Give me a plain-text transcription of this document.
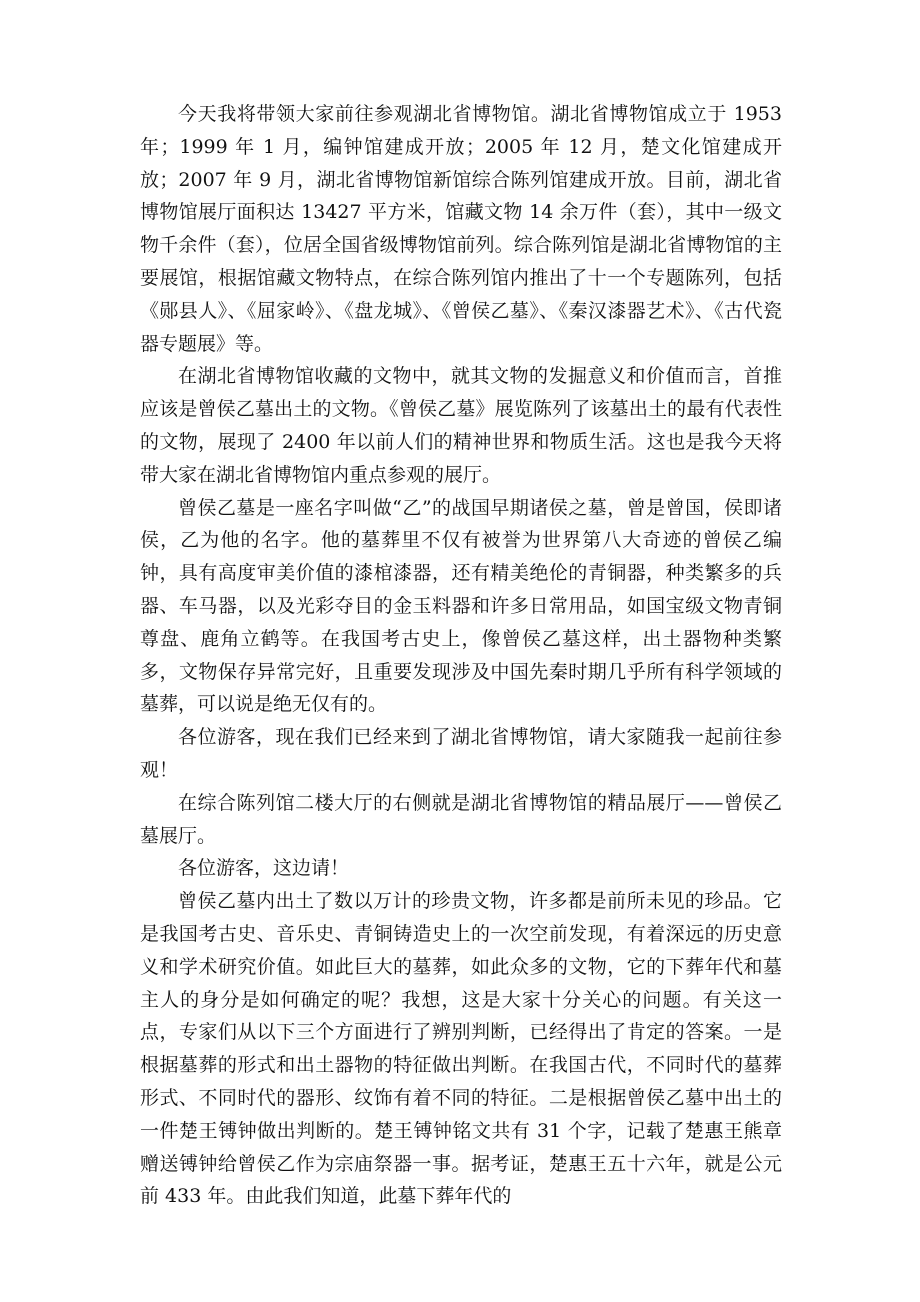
今天我将带领大家前往参观湖北省博物馆。湖北省博物馆成立于 1953 年；1999 年 1 月，编钟馆建成开放；2005 年 12 月，楚文化馆建成开放；2007 年 9 月，湖北省博物馆新馆综合陈列馆建成开放。目前，湖北省博物馆展厅面积达 13427 平方米，馆藏文物 14 余万件（套），其中一级文物千余件（套），位居全国省级博物馆前列。综合陈列馆是湖北省博物馆的主要展馆，根据馆藏文物特点，在综合陈列馆内推出了十一个专题陈列，包括《郧县人》、《屈家岭》、《盘龙城》、《曾侯乙墓》、《秦汉漆器艺术》、《古代瓷器专题展》等。

在湖北省博物馆收藏的文物中，就其文物的发掘意义和价值而言，首推应该是曾侯乙墓出土的文物。《曾侯乙墓》展览陈列了该墓出土的最有代表性的文物，展现了 2400 年以前人们的精神世界和物质生活。这也是我今天将带大家在湖北省博物馆内重点参观的展厅。

曾侯乙墓是一座名字叫做“乙”的战国早期诸侯之墓，曾是曾国，侯即诸侯，乙为他的名字。他的墓葬里不仅有被誉为世界第八大奇迹的曾侯乙编钟，具有高度审美价值的漆棺漆器，还有精美绝伦的青铜器，种类繁多的兵器、车马器，以及光彩夺目的金玉料器和许多日常用品，如国宝级文物青铜尊盘、鹿角立鹤等。在我国考古史上，像曾侯乙墓这样，出土器物种类繁多，文物保存异常完好，且重要发现涉及中国先秦时期几乎所有科学领域的墓葬，可以说是绝无仅有的。

各位游客，现在我们已经来到了湖北省博物馆，请大家随我一起前往参观！

在综合陈列馆二楼大厅的右侧就是湖北省博物馆的精品展厅——曾侯乙墓展厅。

各位游客，这边请！

曾侯乙墓内出土了数以万计的珍贵文物，许多都是前所未见的珍品。它是我国考古史、音乐史、青铜铸造史上的一次空前发现，有着深远的历史意义和学术研究价值。如此巨大的墓葬，如此众多的文物，它的下葬年代和墓主人的身分是如何确定的呢？我想，这是大家十分关心的问题。有关这一点，专家们从以下三个方面进行了辨别判断，已经得出了肯定的答案。一是根据墓葬的形式和出土器物的特征做出判断。在我国古代，不同时代的墓葬形式、不同时代的器形、纹饰有着不同的特征。二是根据曾侯乙墓中出土的一件楚王镈钟做出判断的。楚王镈钟铭文共有 31 个字，记载了楚惠王熊章赠送镈钟给曾侯乙作为宗庙祭器一事。据考证，楚惠王五十六年，就是公元前 433 年。由此我们知道，此墓下葬年代的
